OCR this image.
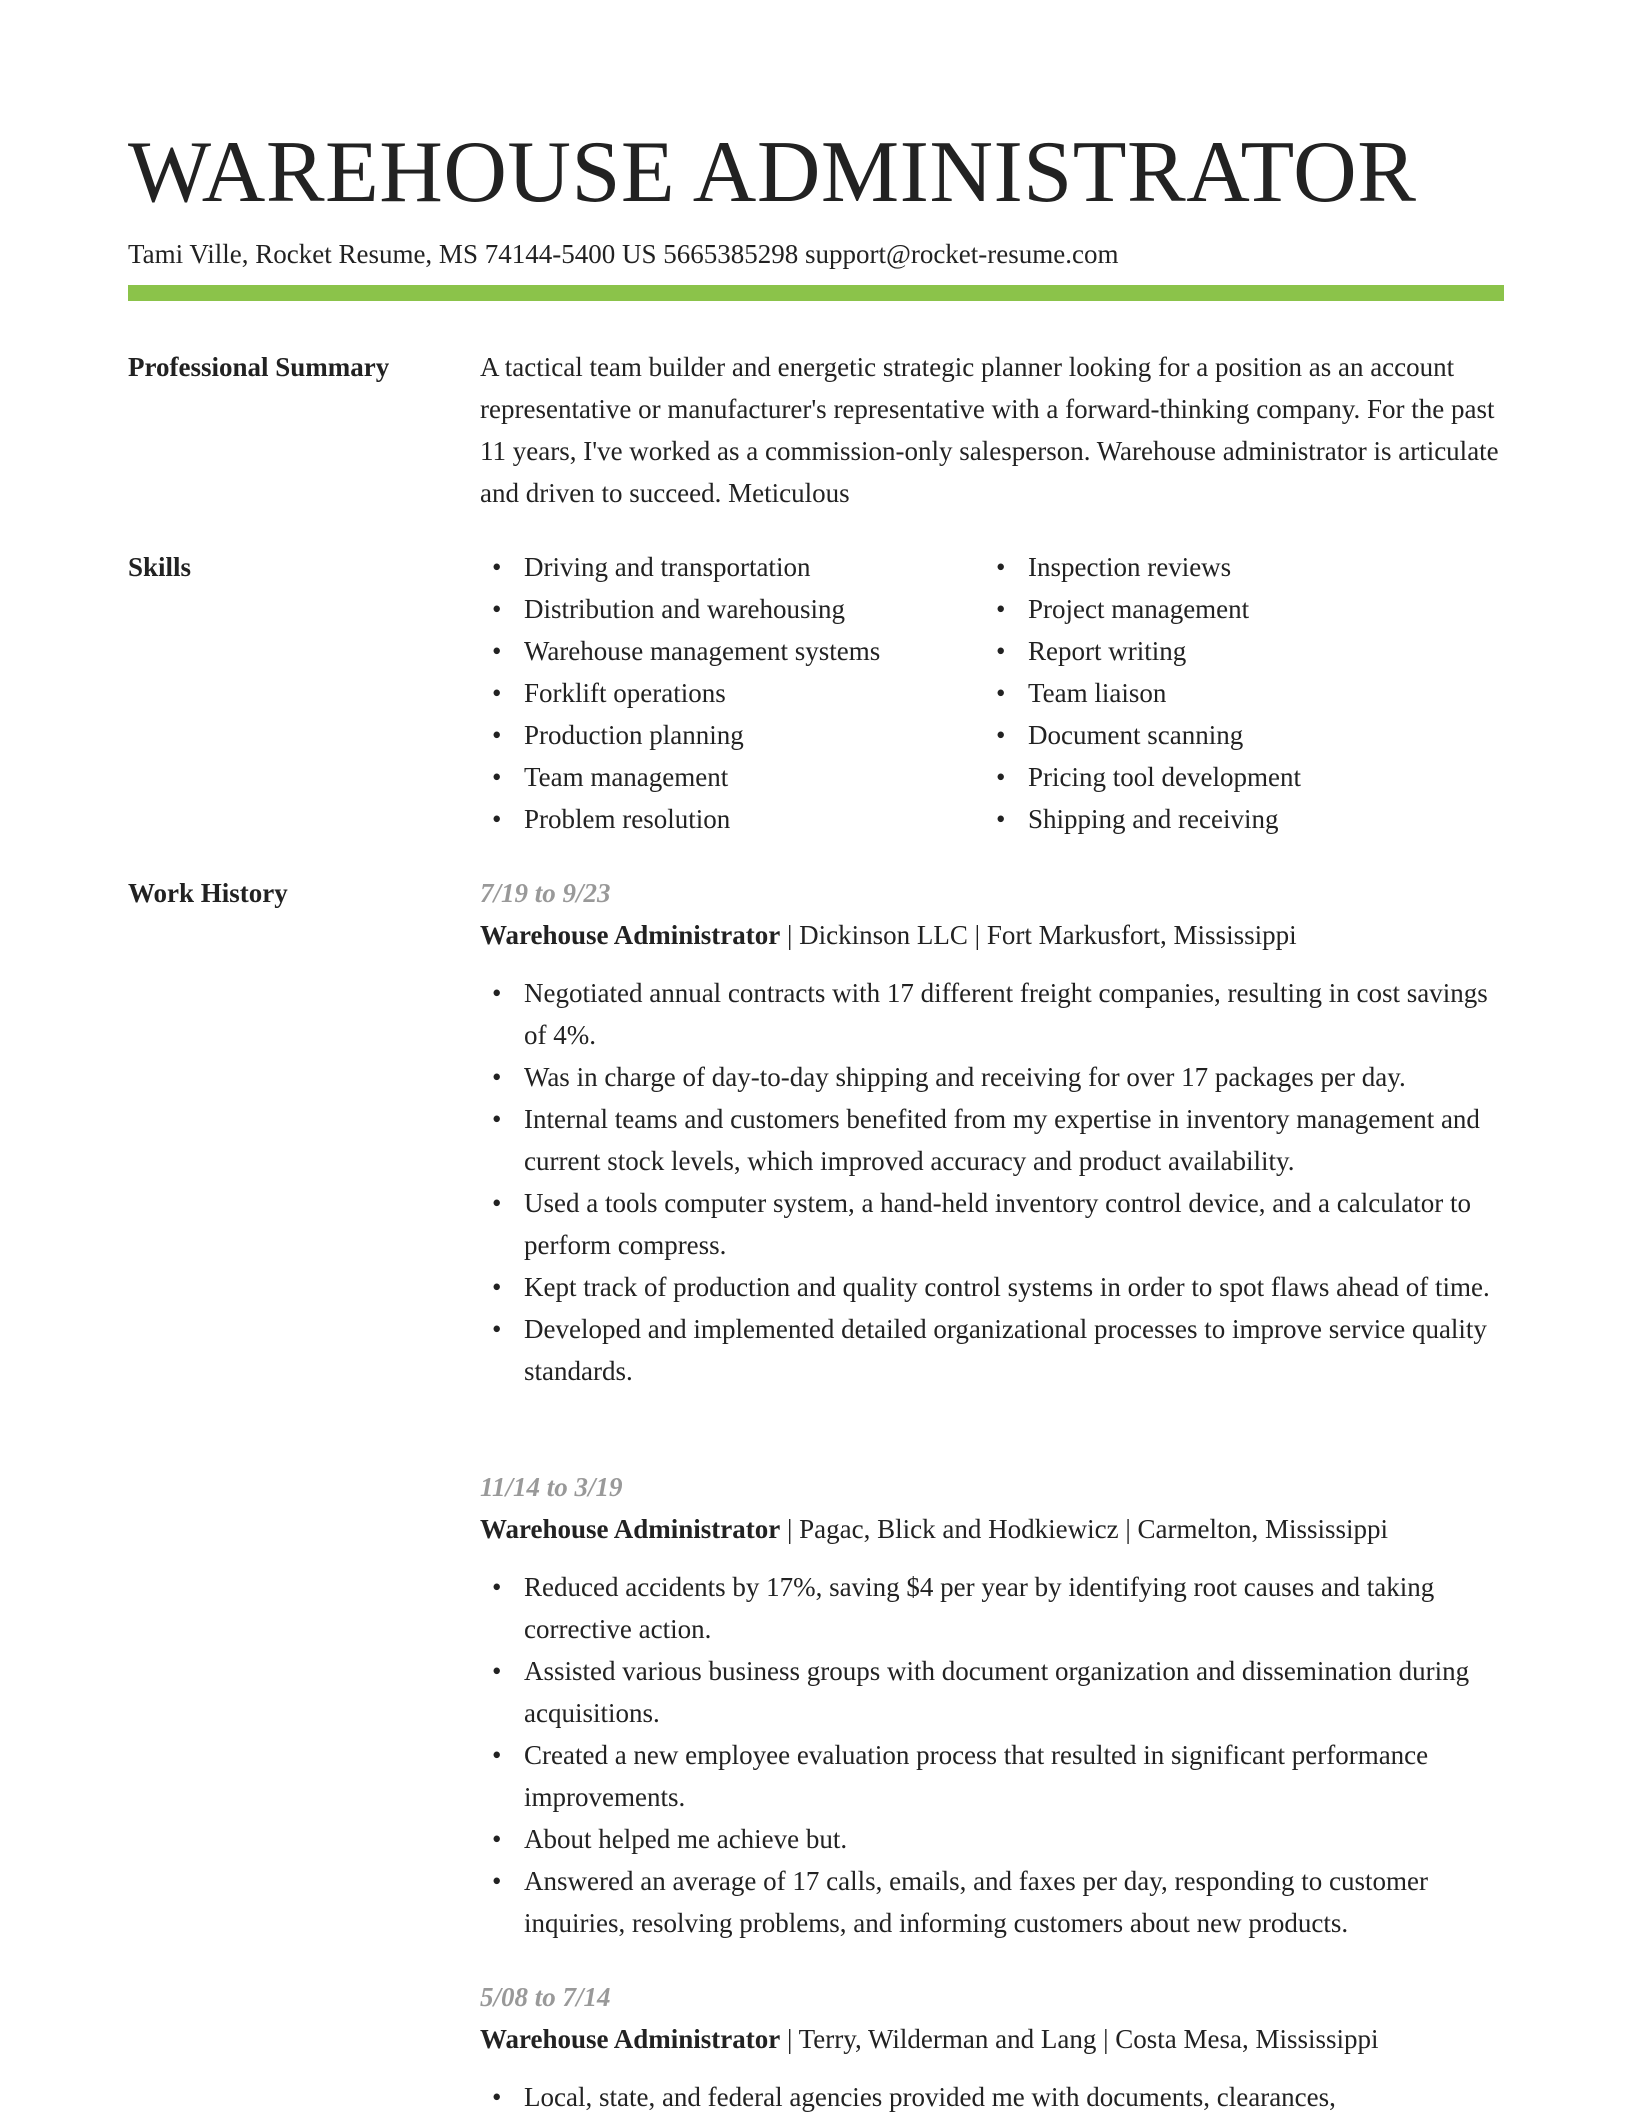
WAREHOUSE ADMINISTRATOR
Tami Ville, Rocket Resume, MS 74144-5400 US 5665385298 support@rocket-resume.com
Professional Summary	A tactical team builder and energetic strategic planner looking for a position as an account representative or manufacturer's representative with a forward-thinking company. For the past 11 years, I've worked as a commission-only salesperson. Warehouse administrator is articulate and driven to succeed. Meticulous

Skills
•	Driving and transportation
• Distribution and warehousing
• Warehouse management systems
• Forklift operations
• Production planning
• Team management
• Problem resolution
• Inspection reviews
• Project management
• Report writing
• Team liaison
• Document scanning
• Pricing tool development
• Shipping and receiving
Work History	7/19 to 9/23
Warehouse Administrator | Dickinson LLC | Fort Markusfort, Mississippi
• Negotiated annual contracts with 17 different freight companies, resulting in cost savings of 4%.
• Was in charge of day-to-day shipping and receiving for over 17 packages per day.
• Internal teams and customers benefited from my expertise in inventory management and current stock levels, which improved accuracy and product availability.
• Used a tools computer system, a hand-held inventory control device, and a calculator to perform compress.
• Kept track of production and quality control systems in order to spot flaws ahead of time.
• Developed and implemented detailed organizational processes to improve service quality standards.
11/14 to 3/19
Warehouse Administrator | Pagac, Blick and Hodkiewicz | Carmelton, Mississippi
• Reduced accidents by 17%, saving $4 per year by identifying root causes and taking corrective action.
• Assisted various business groups with document organization and dissemination during acquisitions.
• Created a new employee evaluation process that resulted in significant performance improvements.
• About helped me achieve but.
• Answered an average of 17 calls, emails, and faxes per day, responding to customer inquiries, resolving problems, and informing customers about new products.
5/08 to 7/14
Warehouse Administrator | Terry, Wilderman and Lang | Costa Mesa, Mississippi
• Local, state, and federal agencies provided me with documents, clearances,
